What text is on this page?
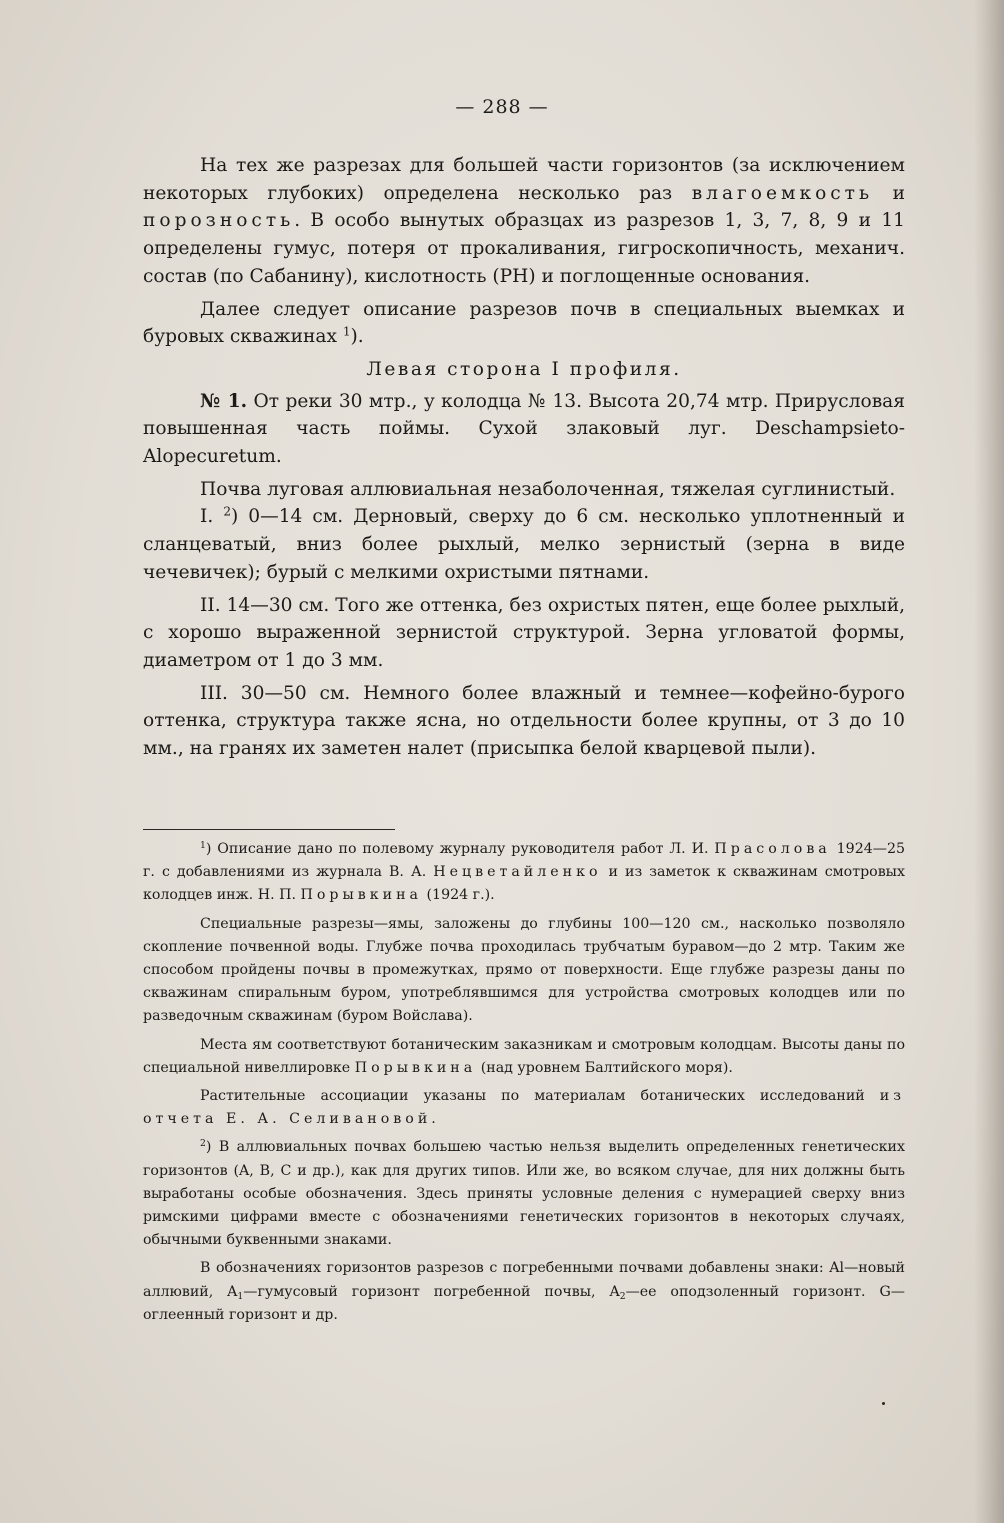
— 288 —

На тех же разрезах для большей части горизонтов (за исключением некоторых глубоких) определена несколько раз влагоемкость и порозность. В особо вынутых образцах из разрезов 1, 3, 7, 8, 9 и 11 определены гумус, потеря от прокаливания, гигроскопичность, механич. состав (по Сабанину), кислотность (PH) и поглощенные основания.

Далее следует описание разрезов почв в специальных выемках и буровых скважинах $^1$).

Левая сторона I профиля.

№ 1. От реки 30 мтр., у колодца № 13. Высота 20,74 мтр. Прирусловая повышенная часть поймы. Сухой злаковый луг. Deschampsieto-Alopecuretum.

Почва луговая аллювиальная незаболоченная, тяжелая суглинистый.

I. $^2$) 0—14 см. Дерновый, сверху до 6 см. несколько уплотненный и сланцеватый, вниз более рыхлый, мелко зернистый (зерна в виде чечевичек); бурый с мелкими охристыми пятнами.

II. 14—30 см. Того же оттенка, без охристых пятен, еще более рыхлый, с хорошо выраженной зернистой структурой. Зерна угловатой формы, диаметром от 1 до 3 мм.

III. 30—50 см. Немного более влажный и темнее—кофейно-бурого оттенка, структура также ясна, но отдельности более крупны, от 3 до 10 мм., на гранях их заметен налет (присыпка белой кварцевой пыли).

$^1$) Описание дано по полевому журналу руководителя работ Л. И. Прасолова 1924—25 г. с добавлениями из журнала В. А. Нецветайленко и из заметок к скважинам смотровых колодцев инж. Н. П. Порывкина (1924 г.).

Специальные разрезы—ямы, заложены до глубины 100—120 см., насколько позволяло скопление почвенной воды. Глубже почва проходилась трубчатым буравом—до 2 мтр. Таким же способом пройдены почвы в промежутках, прямо от поверхности. Еще глубже разрезы даны по скважинам спиральным буром, употреблявшимся для устройства смотровых колодцев или по разведочным скважинам (буром Войслава).

Места ям соответствуют ботаническим заказникам и смотровым колодцам. Высоты даны по специальной нивеллировке Порывкина (над уровнем Балтийского моря).

Растительные ассоциации указаны по материалам ботанических исследований из отчета Е. А. Селивановой.

$^2$) В аллювиальных почвах большею частью нельзя выделить определенных генетических горизонтов (A, B, C и др.), как для других типов. Или же, во всяком случае, для них должны быть выработаны особые обозначения. Здесь приняты условные деления с нумерацией сверху вниз римскими цифрами вместе с обозначениями генетических горизонтов в некоторых случаях, обычными буквенными знаками.

В обозначениях горизонтов разрезов с погребенными почвами добавлены знаки: Al—новый аллювий, $A_1—гумусовый$ горизонт погребенной почвы, $A_2—ее$ оподзоленный горизонт. G—оглеенный горизонт и др.
